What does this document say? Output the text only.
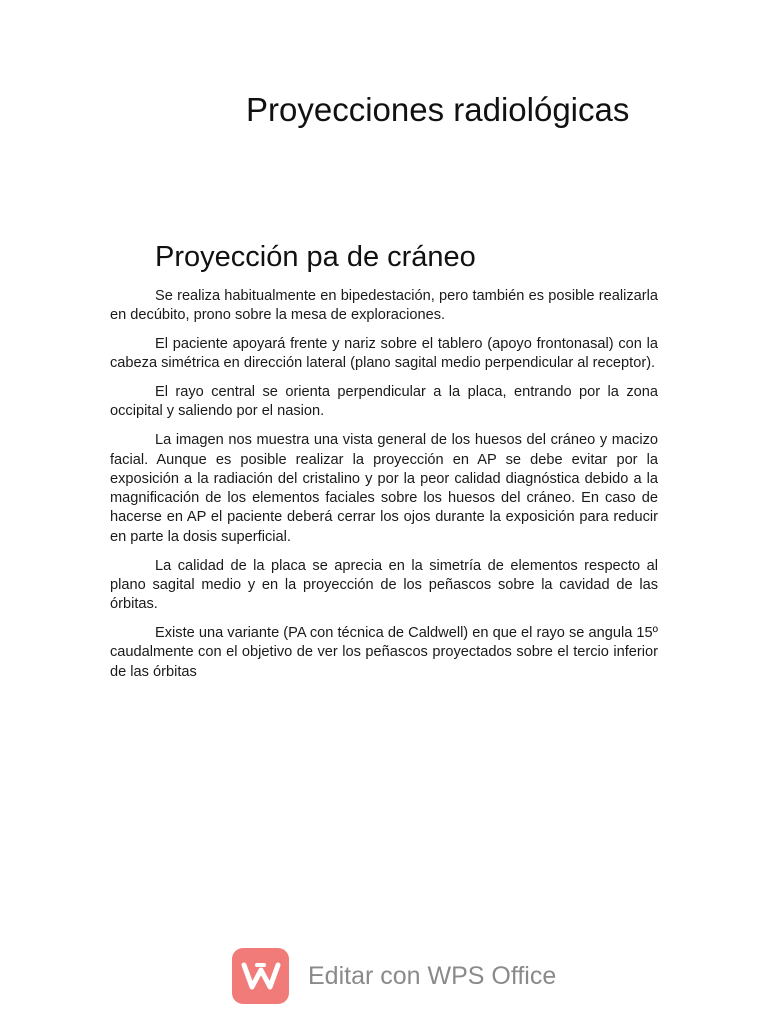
Proyecciones radiológicas
Proyección pa de cráneo

Se realiza habitualmente en bipedestación, pero también es posible realizarla en decúbito, prono sobre la mesa de exploraciones.

El paciente apoyará frente y nariz sobre el tablero (apoyo frontonasal) con la cabeza simétrica en dirección lateral (plano sagital medio perpendicular al receptor).

El rayo central se orienta perpendicular a la placa, entrando por la zona occipital y saliendo por el nasion.

La imagen nos muestra una vista general de los huesos del cráneo y macizo facial. Aunque es posible realizar la proyección en AP se debe evitar por la exposición a la radiación del cristalino y por la peor calidad diagnóstica debido a la magnificación de los elementos faciales sobre los huesos del cráneo. En caso de hacerse en AP el paciente deberá cerrar los ojos durante la exposición para reducir en parte la dosis superficial.

La calidad de la placa se aprecia en la simetría de elementos respecto al plano sagital medio y en la proyección de los peñascos sobre la cavidad de las órbitas.

Existe una variante (PA con técnica de Caldwell) en que el rayo se angula 15º caudalmente con el objetivo de ver los peñascos proyectados sobre el tercio inferior de las órbitas

Editar con WPS Office
